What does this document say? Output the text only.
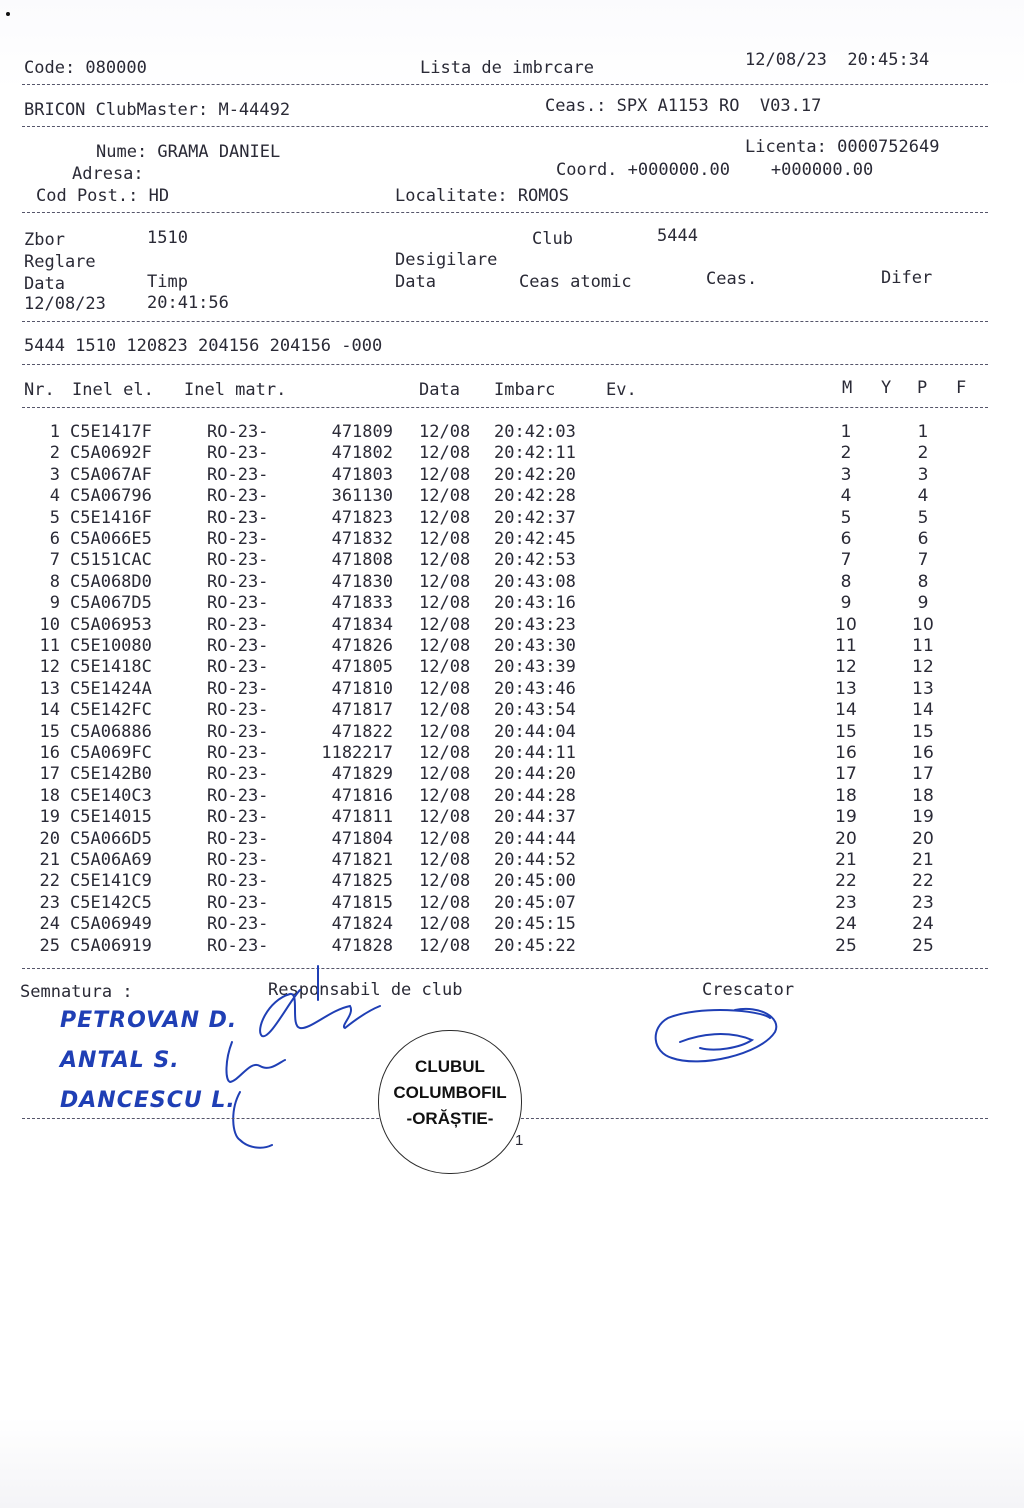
Code: 080000	Lista de imbrcare	12/08/23  20:45:34
BRICON ClubMaster: M-44492	Ceas.: SPX A1153 RO  V03.17
Nume: GRAMA DANIEL	Licenta: 0000752649
Adresa:	Coord. +000000.00    +000000.00
Cod Post.: HD	Localitate: ROMOS
Zbor	1510	Club	5444
Reglare	Desigilare
Data	Timp	Data	Ceas atomic	Ceas.	Difer
12/08/23 20:41:56
5444 1510 120823 204156 204156 -000
Nr. Inel el. Inel matr.	Data Imbarc	Ev.	M Y P F
1 C5E1417F	RO-23-	471809 12/08 20:42:03	1	1
2 C5A0692F	RO-23-	471802 12/08 20:42:11	2	2
3 C5A067AF	RO-23-	471803 12/08 20:42:20	3	3
4 C5A06796	RO-23-	361130 12/08 20:42:28	4	4
5 C5E1416F	RO-23-	471823 12/08 20:42:37	5	5
6 C5A066E5	RO-23-	471832 12/08 20:42:45	6	6
7 C5151CAC	RO-23-	471808 12/08 20:42:53	7	7
8 C5A068D0	RO-23-	471830 12/08 20:43:08	8	8
9 C5A067D5	RO-23-	471833 12/08 20:43:16	9	9
10 C5A06953	RO-23-	471834 12/08 20:43:23	10	10
11 C5E10080	RO-23-	471826 12/08 20:43:30	11	11
12 C5E1418C	RO-23-	471805 12/08 20:43:39	12	12
13 C5E1424A	RO-23-	471810 12/08 20:43:46	13	13
14 C5E142FC	RO-23-	471817 12/08 20:43:54	14	14
15 C5A06886	RO-23-	471822 12/08 20:44:04	15	15
16 C5A069FC	RO-23-	1182217 12/08 20:44:11	16	16
17 C5E142B0	RO-23-	471829 12/08 20:44:20	17	17
18 C5E140C3	RO-23-	471816 12/08 20:44:28	18	18
19 C5E14015	RO-23-	471811 12/08 20:44:37	19	19
20 C5A066D5	RO-23-	471804 12/08 20:44:44	20	20
21 C5A06A69	RO-23-	471821 12/08 20:44:52	21	21
22 C5E141C9	RO-23-	471825 12/08 20:45:00	22	22
23 C5E142C5	RO-23-	471815 12/08 20:45:07	23	23
24 C5A06949	RO-23-	471824 12/08 20:45:15	24	24
25 C5A06919	RO-23-	471828 12/08 20:45:22	25	25
Semnatura :	Responsabil de club	Crescator
PETROVAN D.
ANTAL S.
DANCESCU L.
CLUBUL
COLUMBOFIL
-ORĂȘTIE-
1
